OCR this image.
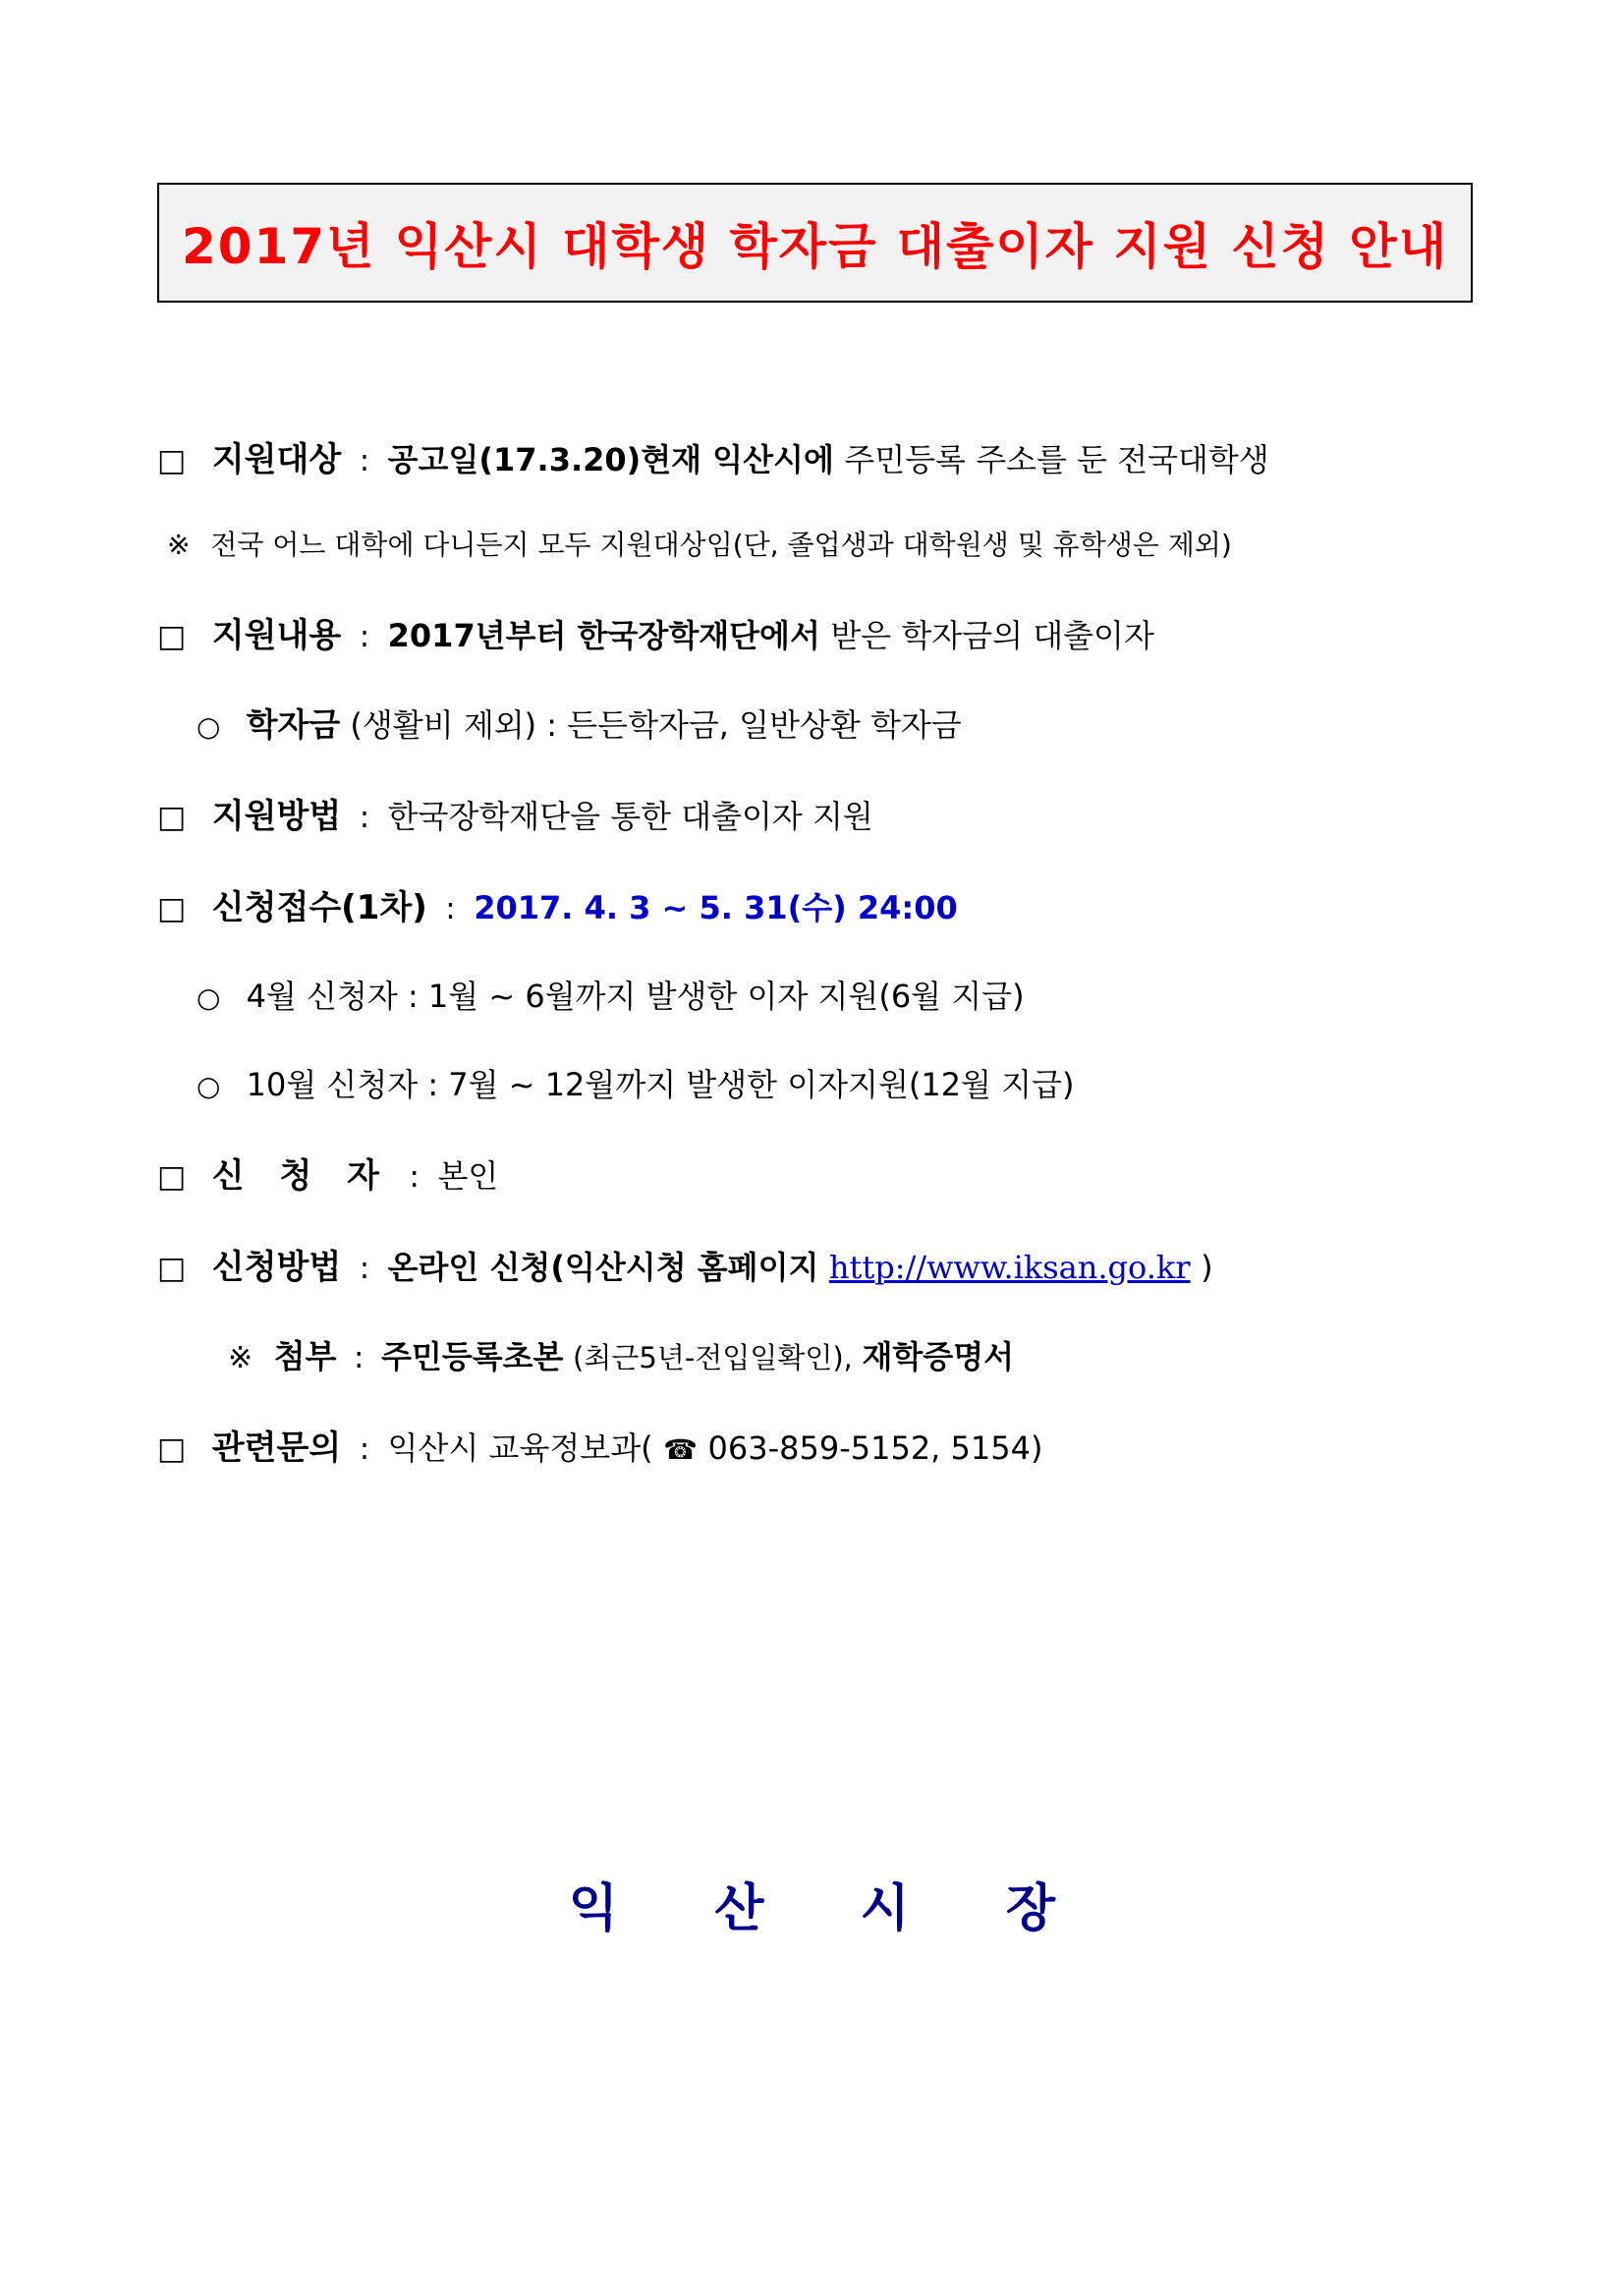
2017년 익산시 대학생 학자금 대출이자 지원 신청 안내
□ 지원대상 : 공고일(17.3.20)현재 익산시에 주민등록 주소를 둔 전국대학생
※ 전국 어느 대학에 다니든지 모두 지원대상임(단, 졸업생과 대학원생 및 휴학생은 제외)
□ 지원내용 : 2017년부터 한국장학재단에서 받은 학자금의 대출이자
○ 학자금 (생활비 제외) : 든든학자금, 일반상환 학자금
□ 지원방법 : 한국장학재단을 통한 대출이자 지원
□ 신청접수(1차) : 2017. 4. 3 ~ 5. 31(수) 24:00
○ 4월 신청자 : 1월 ~ 6월까지 발생한 이자 지원(6월 지급)
○ 10월 신청자 : 7월 ~ 12월까지 발생한 이자지원(12월 지급)
□ 신 청 자 : 본인
□ 신청방법 : 온라인 신청(익산시청 홈페이지 http://www.iksan.go.kr )
※ 첨부 : 주민등록초본 (최근5년-전입일확인), 재학증명서
□ 관련문의 : 익산시 교육정보과( ☎ 063-859-5152, 5154)
익 산 시 장
